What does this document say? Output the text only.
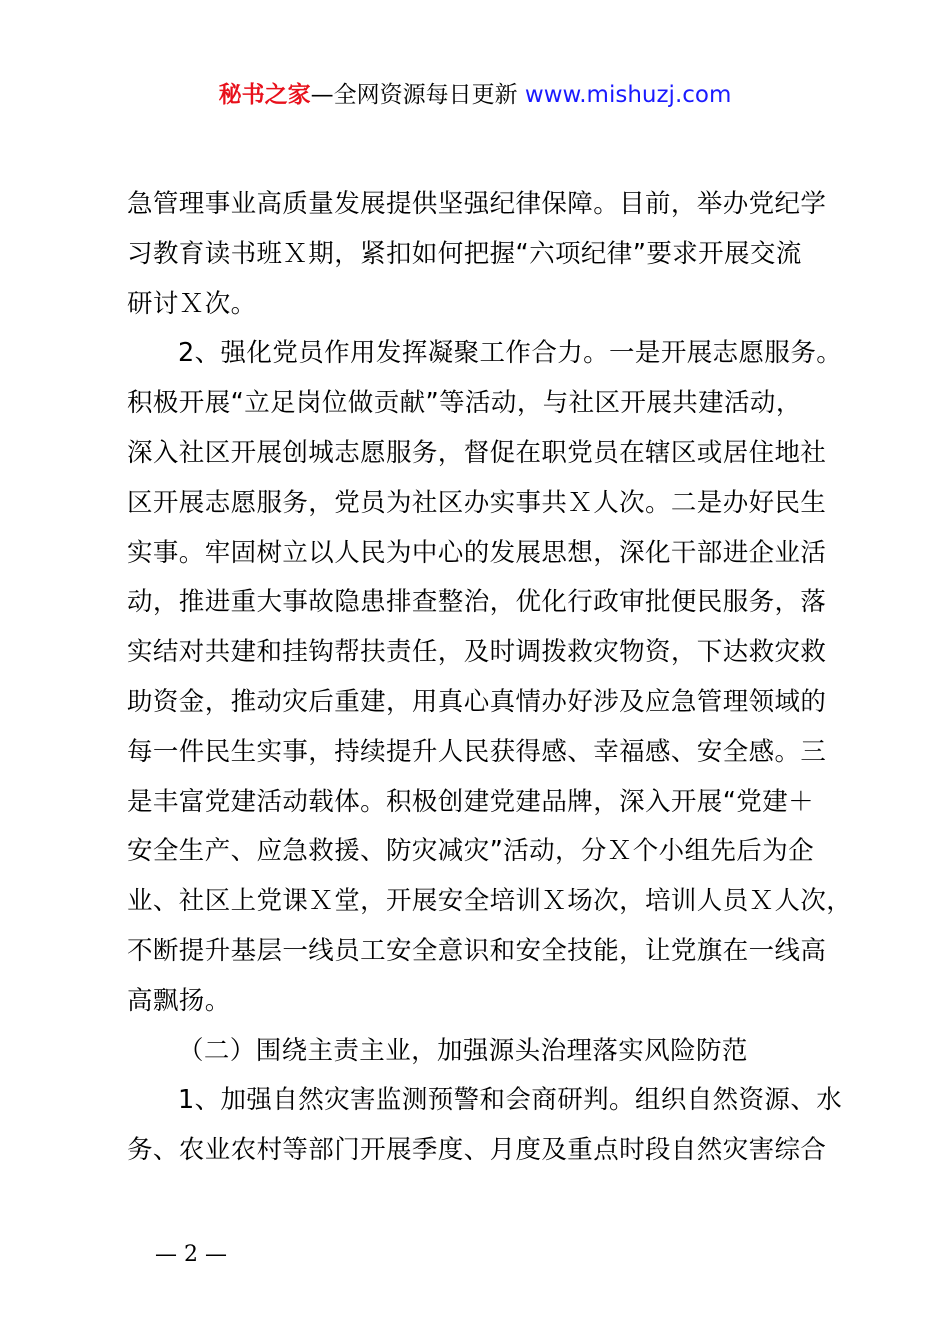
秘书之家—全网资源每日更新 www.mishuzj.com
急管理事业高质量发展提供坚强纪律保障。目前，举办党纪学
习教育读书班Ｘ期，紧扣如何把握“六项纪律”要求开展交流
研讨Ｘ次。
2、强化党员作用发挥凝聚工作合力。一是开展志愿服务。
积极开展“立足岗位做贡献”等活动，与社区开展共建活动，
深入社区开展创城志愿服务，督促在职党员在辖区或居住地社
区开展志愿服务，党员为社区办实事共Ｘ人次。二是办好民生
实事。牢固树立以人民为中心的发展思想，深化干部进企业活
动，推进重大事故隐患排查整治，优化行政审批便民服务，落
实结对共建和挂钩帮扶责任，及时调拨救灾物资，下达救灾救
助资金，推动灾后重建，用真心真情办好涉及应急管理领域的
每一件民生实事，持续提升人民获得感、幸福感、安全感。三
是丰富党建活动载体。积极创建党建品牌，深入开展“党建＋
安全生产、应急救援、防灾减灾”活动，分Ｘ个小组先后为企
业、社区上党课Ｘ堂，开展安全培训Ｘ场次，培训人员Ｘ人次，
不断提升基层一线员工安全意识和安全技能，让党旗在一线高
高飘扬。
（二）围绕主责主业，加强源头治理落实风险防范
1、加强自然灾害监测预警和会商研判。组织自然资源、水
务、农业农村等部门开展季度、月度及重点时段自然灾害综合
— 2 —
